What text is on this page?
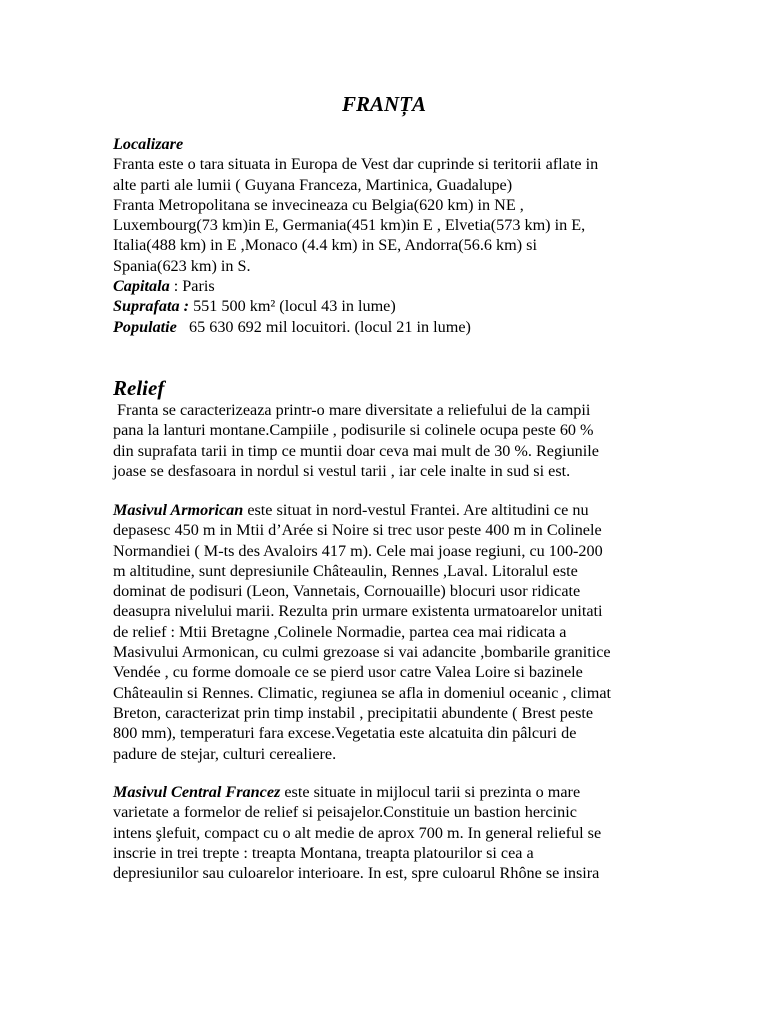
FRANȚA
Localizare
Franta este o tara situata in Europa de Vest dar cuprinde si teritorii aflate in
alte parti ale lumii ( Guyana Franceza, Martinica, Guadalupe)
Franta Metropolitana se invecineaza cu Belgia(620 km) in NE ,
Luxembourg(73 km)in E, Germania(451 km)in E , Elvetia(573 km) in E,
Italia(488 km) in E ,Monaco (4.4 km) in SE, Andorra(56.6 km) si
Spania(623 km) in S.
Capitala : Paris
Suprafata : 551 500 km² (locul 43 in lume)
Populatie   65 630 692 mil locuitori. (locul 21 in lume)
Relief
Franta se caracterizeaza printr-o mare diversitate a reliefului de la campii
pana la lanturi montane.Campiile , podisurile si colinele ocupa peste 60 %
din suprafata tarii in timp ce muntii doar ceva mai mult de 30 %. Regiunile
joase se desfasoara in nordul si vestul tarii , iar cele inalte in sud si est.
Masivul Armorican este situat in nord-vestul Frantei. Are altitudini ce nu
depasesc 450 m in Mtii d’Arée si Noire si trec usor peste 400 m in Colinele
Normandiei ( M-ts des Avaloirs 417 m). Cele mai joase regiuni, cu 100-200
m altitudine, sunt depresiunile Châteaulin, Rennes ,Laval. Litoralul este
dominat de podisuri (Leon, Vannetais, Cornouaille) blocuri usor ridicate
deasupra nivelului marii. Rezulta prin urmare existenta urmatoarelor unitati
de relief : Mtii Bretagne ,Colinele Normadie, partea cea mai ridicata a
Masivului Armonican, cu culmi grezoase si vai adancite ,bombarile granitice
Vendée , cu forme domoale ce se pierd usor catre Valea Loire si bazinele
Châteaulin si Rennes. Climatic, regiunea se afla in domeniul oceanic , climat
Breton, caracterizat prin timp instabil , precipitatii abundente ( Brest peste
800 mm), temperaturi fara excese.Vegetatia este alcatuita din pâlcuri de
padure de stejar, culturi cerealiere.
Masivul Central Francez este situate in mijlocul tarii si prezinta o mare
varietate a formelor de relief si peisajelor.Constituie un bastion hercinic
intens şlefuit, compact cu o alt medie de aprox 700 m. In general relieful se
inscrie in trei trepte : treapta Montana, treapta platourilor si cea a
depresiunilor sau culoarelor interioare. In est, spre culoarul Rhône se insira
